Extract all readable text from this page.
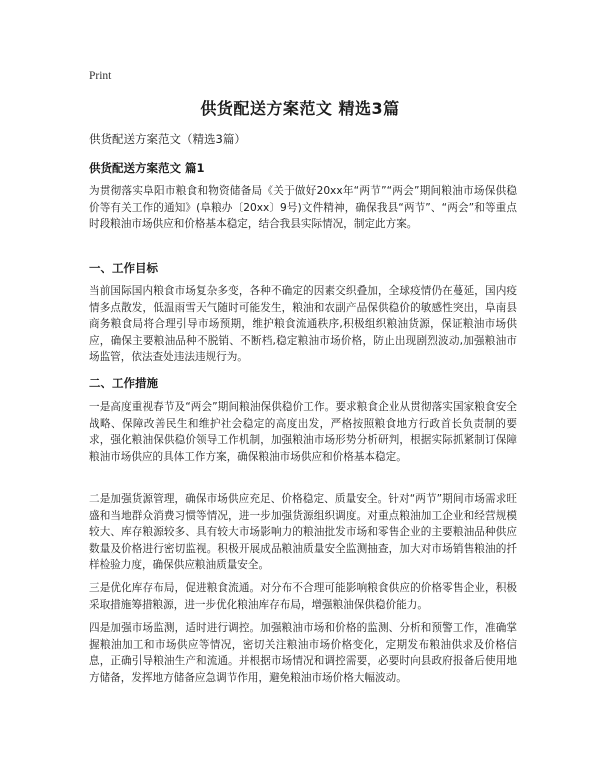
Print
供货配送方案范文 精选3篇
供货配送方案范文（精选3篇）
供货配送方案范文 篇1

为贯彻落实阜阳市粮食和物资储备局《关于做好20xx年“两节”“两会”期间粮油市场保供稳价等有关工作的通知》(阜粮办〔20xx〕9号)文件精神，确保我县“两节”、“两会”和等重点时段粮油市场供应和价格基本稳定，结合我县实际情况，制定此方案。

一、工作目标

当前国际国内粮食市场复杂多变，各种不确定的因素交织叠加，全球疫情仍在蔓延，国内疫情多点散发，低温雨雪天气随时可能发生，粮油和农副产品保供稳价的敏感性突出，阜南县商务粮食局将合理引导市场预期，维护粮食流通秩序,积极组织粮油货源，保证粮油市场供应，确保主要粮油品种不脱销、不断档,稳定粮油市场价格，防止出现剧烈波动,加强粮油市场监管，依法查处违法违规行为。

二、工作措施

一是高度重视春节及“两会”期间粮油保供稳价工作。要求粮食企业从贯彻落实国家粮食安全战略、保障改善民生和维护社会稳定的高度出发，严格按照粮食地方行政首长负责制的要求，强化粮油保供稳价领导工作机制，加强粮油市场形势分析研判，根据实际抓紧制订保障粮油市场供应的具体工作方案，确保粮油市场供应和价格基本稳定。

二是加强货源管理，确保市场供应充足、价格稳定、质量安全。针对“两节”期间市场需求旺盛和当地群众消费习惯等情况，进一步加强货源组织调度。对重点粮油加工企业和经营规模较大、库存粮源较多、具有较大市场影响力的粮油批发市场和零售企业的主要粮油品种供应数量及价格进行密切监视。积极开展成品粮油质量安全监测抽查，加大对市场销售粮油的扦样检验力度，确保供应粮油质量安全。

三是优化库存布局，促进粮食流通。对分布不合理可能影响粮食供应的价格零售企业，积极采取措施筹措粮源，进一步优化粮油库存布局，增强粮油保供稳价能力。

四是加强市场监测，适时进行调控。加强粮油市场和价格的监测、分析和预警工作，准确掌握粮油加工和市场供应等情况，密切关注粮油市场价格变化，定期发布粮油供求及价格信息，正确引导粮油生产和流通。并根据市场情况和调控需要，必要时向县政府报备后使用地方储备，发挥地方储备应急调节作用，避免粮油市场价格大幅波动。
